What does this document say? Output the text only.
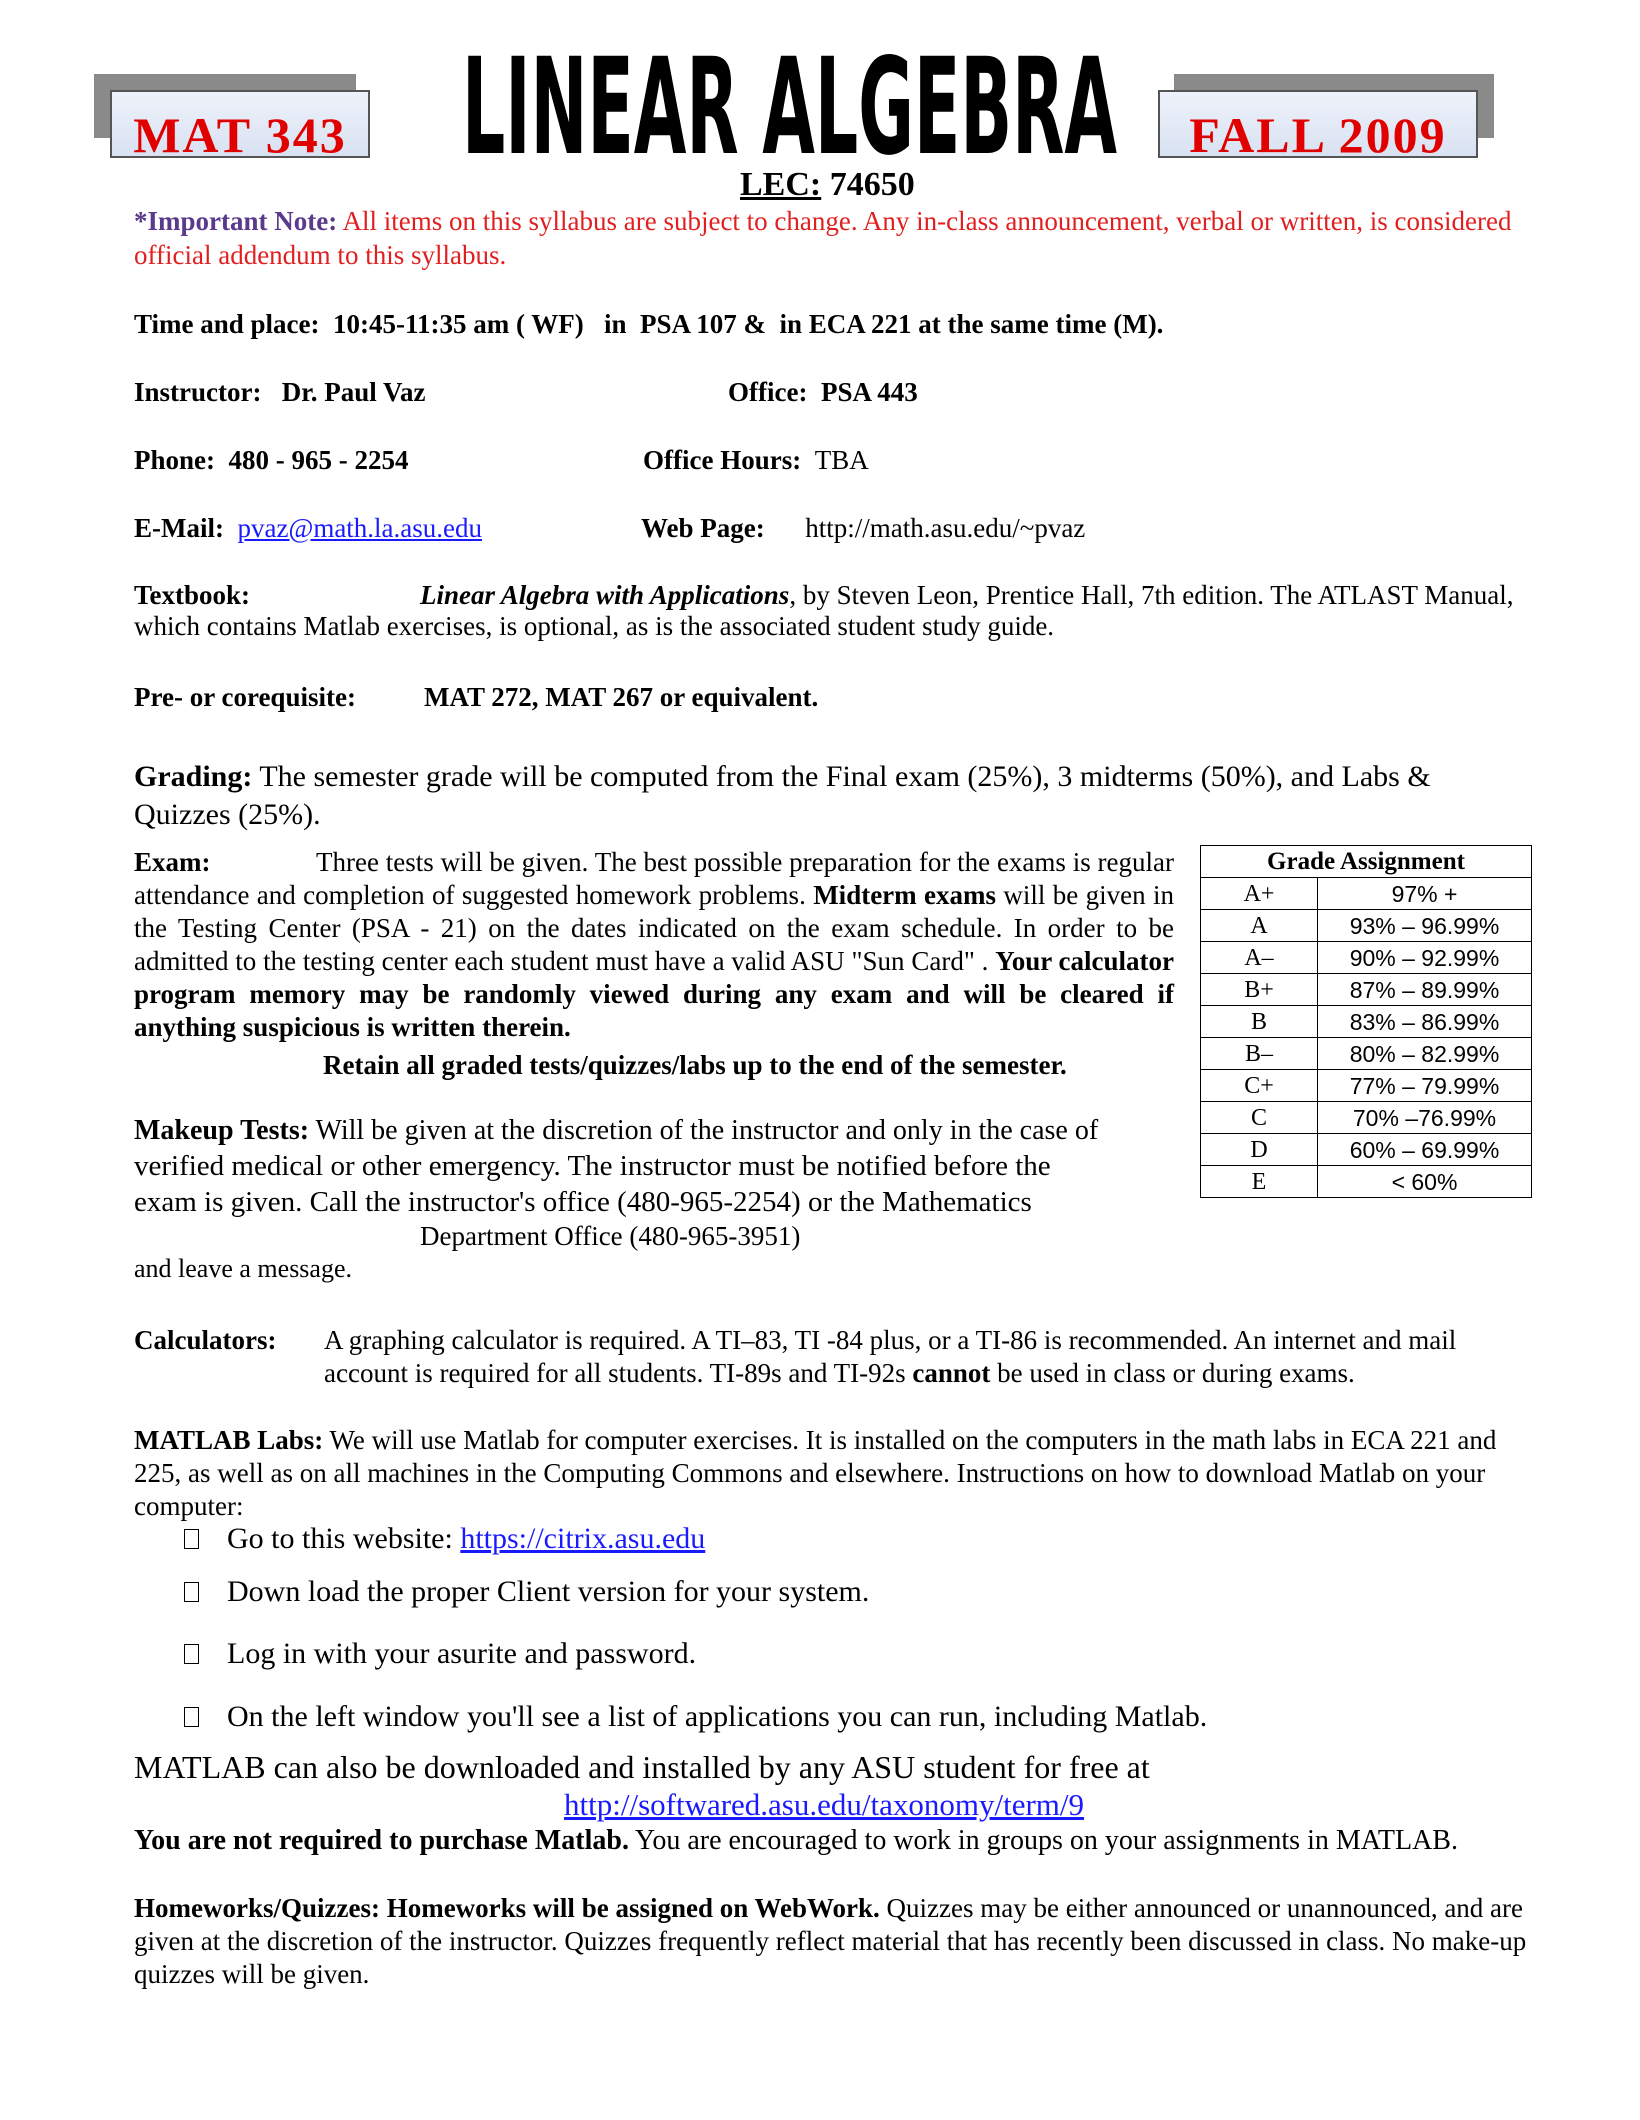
MAT 343 LINEAR ALGEBRA	FALL 2009
LEC: 74650
*Important Note: All items on this syllabus are subject to change. Any in-class announcement, verbal or written, is considered official addendum to this syllabus.
Time and place:  10:45-11:35 am ( WF)   in  PSA 107 &  in ECA 221 at the same time (M).
Instructor: Dr. Paul Vaz	Office: PSA 443
Phone: 480 - 965 - 2254	Office Hours: TBA
E-Mail: pvaz@math.la.asu.edu	Web Page: http://math.asu.edu/~pvaz
Textbook:	Linear Algebra with Applications, by Steven Leon, Prentice Hall, 7th edition. The ATLAST Manual, which contains Matlab exercises, is optional, as is the associated student study guide.
Pre- or corequisite:	MAT 272, MAT 267 or equivalent.
Grading: The semester grade will be computed from the Final exam (25%), 3 midterms (50%), and Labs & Quizzes (25%).
Exam:	Three tests will be given. The best possible preparation for the exams is regular attendance and completion of suggested homework problems. Midterm exams will be given in the Testing Center (PSA - 21) on the dates indicated on the exam schedule. In order to be admitted to the testing center each student must have a valid ASU "Sun Card" . Your calculator program memory may be randomly viewed during any exam and will be cleared if anything suspicious is written therein.
Retain all graded tests/quizzes/labs up to the end of the semester.
Grade Assignment	
A+	97% +
A	93% – 96.99%
A–	90% – 92.99%
B+	87% – 89.99%
B	83% – 86.99%
B–	80% – 82.99%
C+	77% – 79.99%
C	70% –76.99%
D	60% – 69.99%
E	< 60%
Makeup Tests: Will be given at the discretion of the instructor and only in the case of
verified medical or other emergency. The instructor must be notified before the
exam is given. Call the instructor's office (480-965-2254) or the Mathematics
Department Office (480-965-3951)
and leave a message.
Calculators: A graphing calculator is required. A TI–83, TI -84 plus, or a TI-86 is recommended. An internet and mail account is required for all students. TI-89s and TI-92s cannot be used in class or during exams.
MATLAB Labs: We will use Matlab for computer exercises. It is installed on the computers in the math labs in ECA 221 and 225, as well as on all machines in the Computing Commons and elsewhere. Instructions on how to download Matlab on your computer:
Go to this website: https://citrix.asu.edu
Down load the proper Client version for your system.
Log in with your asurite and password.
On the left window you'll see a list of applications you can run, including Matlab.
MATLAB can also be downloaded and installed by any ASU student for free at
http://softwared.asu.edu/taxonomy/term/9
You are not required to purchase Matlab. You are encouraged to work in groups on your assignments in MATLAB.
Homeworks/Quizzes: Homeworks will be assigned on WebWork. Quizzes may be either announced or unannounced, and are given at the discretion of the instructor. Quizzes frequently reflect material that has recently been discussed in class. No make-up quizzes will be given.
